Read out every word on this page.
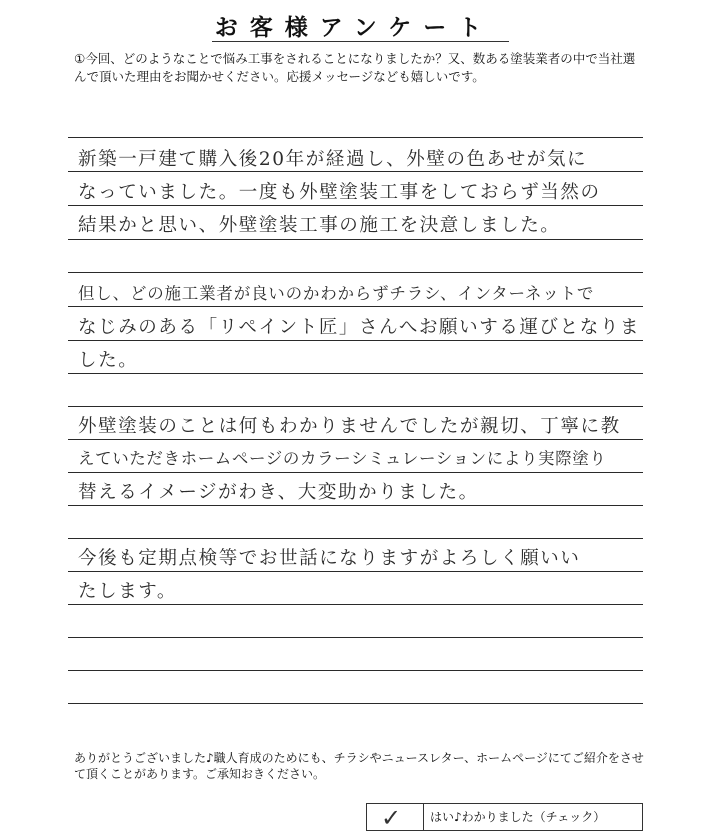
お客様アンケート
①今回、どのようなことで悩み工事をされることになりましたか？又、数ある塗装業者の中で当社選んで頂いた理由をお聞かせください。応援メッセージなども嬉しいです。
新築一戸建て購入後20年が経過し、外壁の色あせが気に
なっていました。一度も外壁塗装工事をしておらず当然の
結果かと思い、外壁塗装工事の施工を決意しました。
但し、どの施工業者が良いのかわからずチラシ、インターネットで
なじみのある「リペイント匠」さんへお願いする運びとなりま
した。
外壁塗装のことは何もわかりませんでしたが親切、丁寧に教
えていただきホームページのカラーシミュレーションにより実際塗り
替えるイメージがわき、大変助かりました。
今後も定期点検等でお世話になりますがよろしく願いい
たします。
ありがとうございました♪職人育成のためにも、チラシやニュースレター、ホームページにてご紹介をさせて頂くことがあります。ご承知おきください。
✓	はい♪わかりました（チェック）
